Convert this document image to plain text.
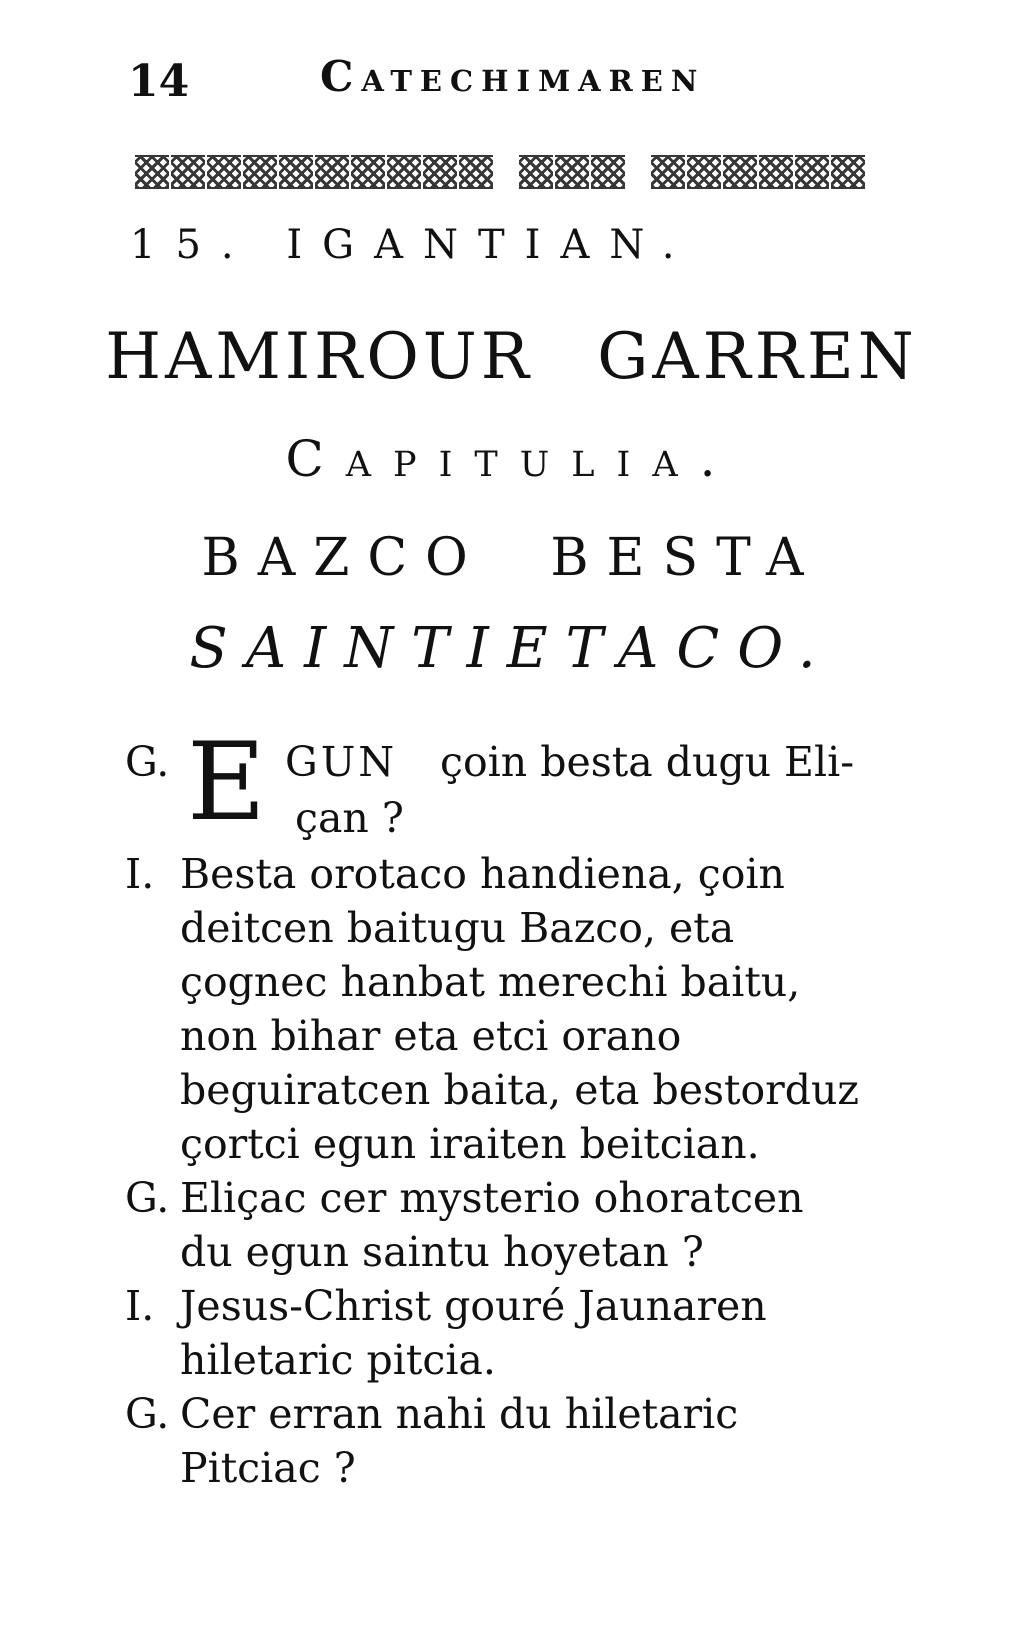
14	Catechimaren
15. IGANTIAN.
HAMIROUR GARREN
Capitulia.
BAZCO BESTA
SAINTIETACO.
G. E GUN çoin besta dugu Eli-
çan ?

I. Besta orotaco handiena, çoin deitcen baitugu Bazco, eta çognec hanbat merechi baitu, non bihar eta etci orano beguiratcen baita, eta bestorduz çortci egun iraiten beitcian.

G. Eliçac cer mysterio ohoratcen du egun saintu hoyetan ?

I. Jesus-Christ gouré Jaunaren hiletaric pitcia.

G. Cer erran nahi du hiletaric Pitciac ?
